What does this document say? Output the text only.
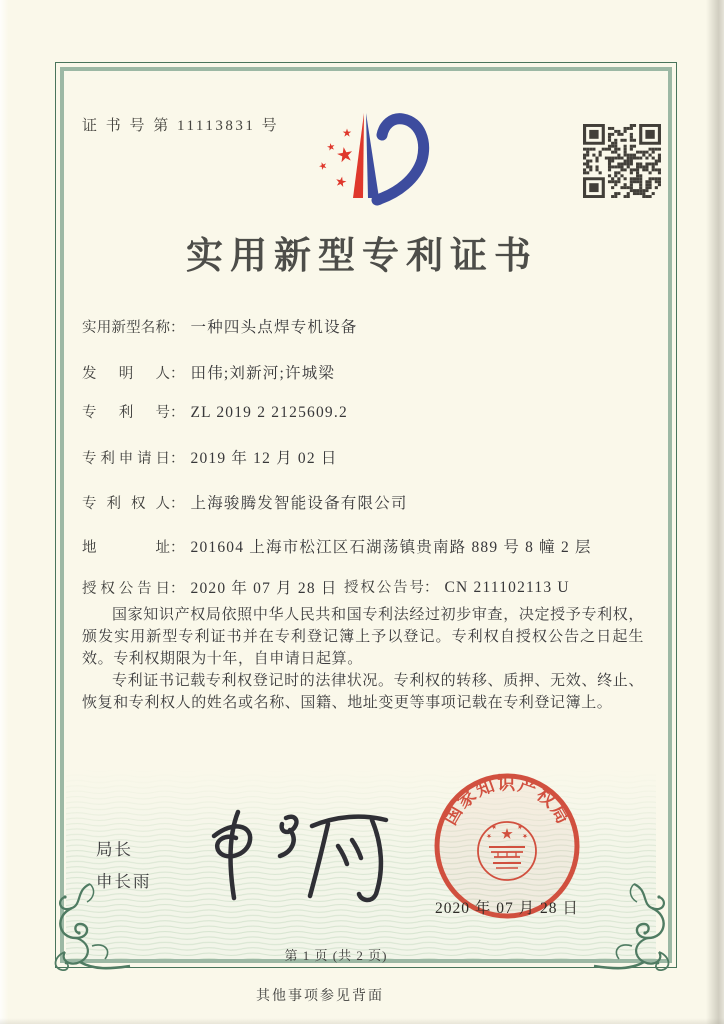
证 书 号 第 11113831 号
实用新型专利证书
实用新型名称： 一种四头点焊专机设备
发明人： 田伟;刘新河;许城梁
专利号： ZL 2019 2 2125609.2
专利申请日： 2019 年 12 月 02 日
专利权人： 上海骏腾发智能设备有限公司
地址： 201604 上海市松江区石湖荡镇贵南路 889 号 8 幢 2 层
授权公告日： 2020 年 07 月 28 日 授权公告号： CN 211102113 U

国家知识产权局依照中华人民共和国专利法经过初步审查，决定授予专利权，颁发实用新型专利证书并在专利登记簿上予以登记。专利权自授权公告之日起生效。专利权期限为十年，自申请日起算。

专利证书记载专利权登记时的法律状况。专利权的转移、质押、无效、终止、恢复和专利权人的姓名或名称、国籍、地址变更等事项记载在专利登记簿上。

局长
申长雨
国家知识产权局
2020 年 07 月 28 日
第 1 页 (共 2 页)
其他事项参见背面
